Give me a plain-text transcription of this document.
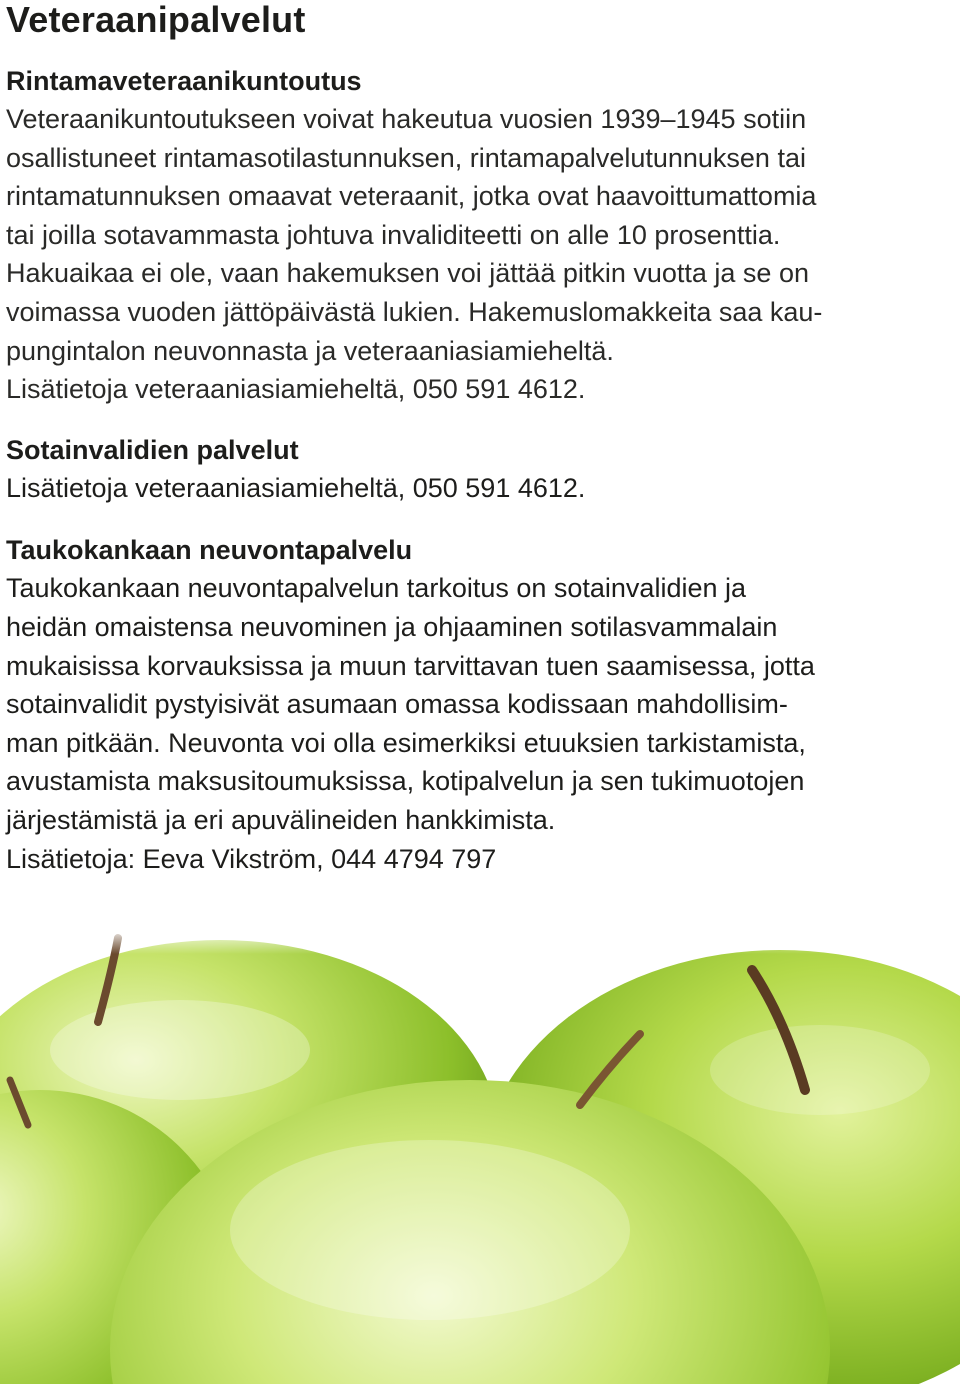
Veteraanipalvelut
Rintamaveteraanikuntoutus

Veteraanikuntoutukseen voivat hakeutua vuosien 1939–1945 sotiin
osallistuneet rintamasotilastunnuksen, rintamapalvelutunnuksen tai
rintamatunnuksen omaavat veteraanit, jotka ovat haavoittumattomia
tai joilla sotavammasta johtuva invaliditeetti on alle 10 prosenttia.
Hakuaikaa ei ole, vaan hakemuksen voi jättää pitkin vuotta ja se on
voimassa vuoden jättöpäivästä lukien. Hakemuslomakkeita saa kau-
pungintalon neuvonnasta ja veteraaniasiamieheltä.

Lisätietoja veteraaniasiamieheltä, 050 591 4612.

Sotainvalidien palvelut

Lisätietoja veteraaniasiamieheltä, 050 591 4612.

Taukokankaan neuvontapalvelu

Taukokankaan neuvontapalvelun tarkoitus on sotainvalidien ja
heidän omaistensa neuvominen ja ohjaaminen sotilasvammalain
mukaisissa korvauksissa ja muun tarvittavan tuen saamisessa, jotta
sotainvalidit pystyisivät asumaan omassa kodissaan mahdollisim-
man pitkään. Neuvonta voi olla esimerkiksi etuuksien tarkistamista,
avustamista maksusitoumuksissa, kotipalvelun ja sen tukimuotojen
järjestämistä ja eri apuvälineiden hankkimista.

Lisätietoja: Eeva Vikström, 044 4794 797
